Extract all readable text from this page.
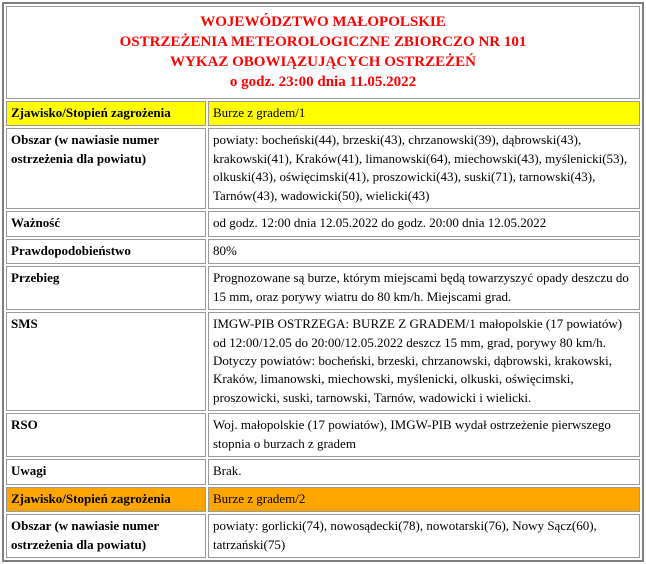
WOJEWÓDZTWO MAŁOPOLSKIE
OSTRZEŻENIA METEOROLOGICZNE ZBIORCZO NR 101
WYKAZ OBOWIĄZUJĄCYCH OSTRZEŻEŃ
o godz. 23:00 dnia 11.05.2022	

Zjawisko/Stopień zagrożenia	Burze z gradem/1
Obszar (w nawiasie numer ostrzeżenia dla powiatu)	powiaty: bocheński(44), brzeski(43), chrzanowski(39), dąbrowski(43), krakowski(41), Kraków(41), limanowski(64), miechowski(43), myślenicki(53), olkuski(43), oświęcimski(41), proszowicki(43), suski(71), tarnowski(43), Tarnów(43), wadowicki(50), wielicki(43)
Ważność	od godz. 12:00 dnia 12.05.2022 do godz. 20:00 dnia 12.05.2022
Prawdopodobieństwo	80%
Przebieg	Prognozowane są burze, którym miejscami będą towarzyszyć opady deszczu do 15 mm, oraz porywy wiatru do 80 km/h. Miejscami grad.
SMS	IMGW-PIB OSTRZEGA: BURZE Z GRADEM/1 małopolskie (17 powiatów) od 12:00/12.05 do 20:00/12.05.2022 deszcz 15 mm, grad, porywy 80 km/h. Dotyczy powiatów: bocheński, brzeski, chrzanowski, dąbrowski, krakowski, Kraków, limanowski, miechowski, myślenicki, olkuski, oświęcimski, proszowicki, suski, tarnowski, Tarnów, wadowicki i wielicki.
RSO	Woj. małopolskie (17 powiatów), IMGW-PIB wydał ostrzeżenie pierwszego stopnia o burzach z gradem
Uwagi	Brak.
Zjawisko/Stopień zagrożenia	Burze z gradem/2
Obszar (w nawiasie numer ostrzeżenia dla powiatu)	powiaty: gorlicki(74), nowosądecki(78), nowotarski(76), Nowy Sącz(60), tatrzański(75)
